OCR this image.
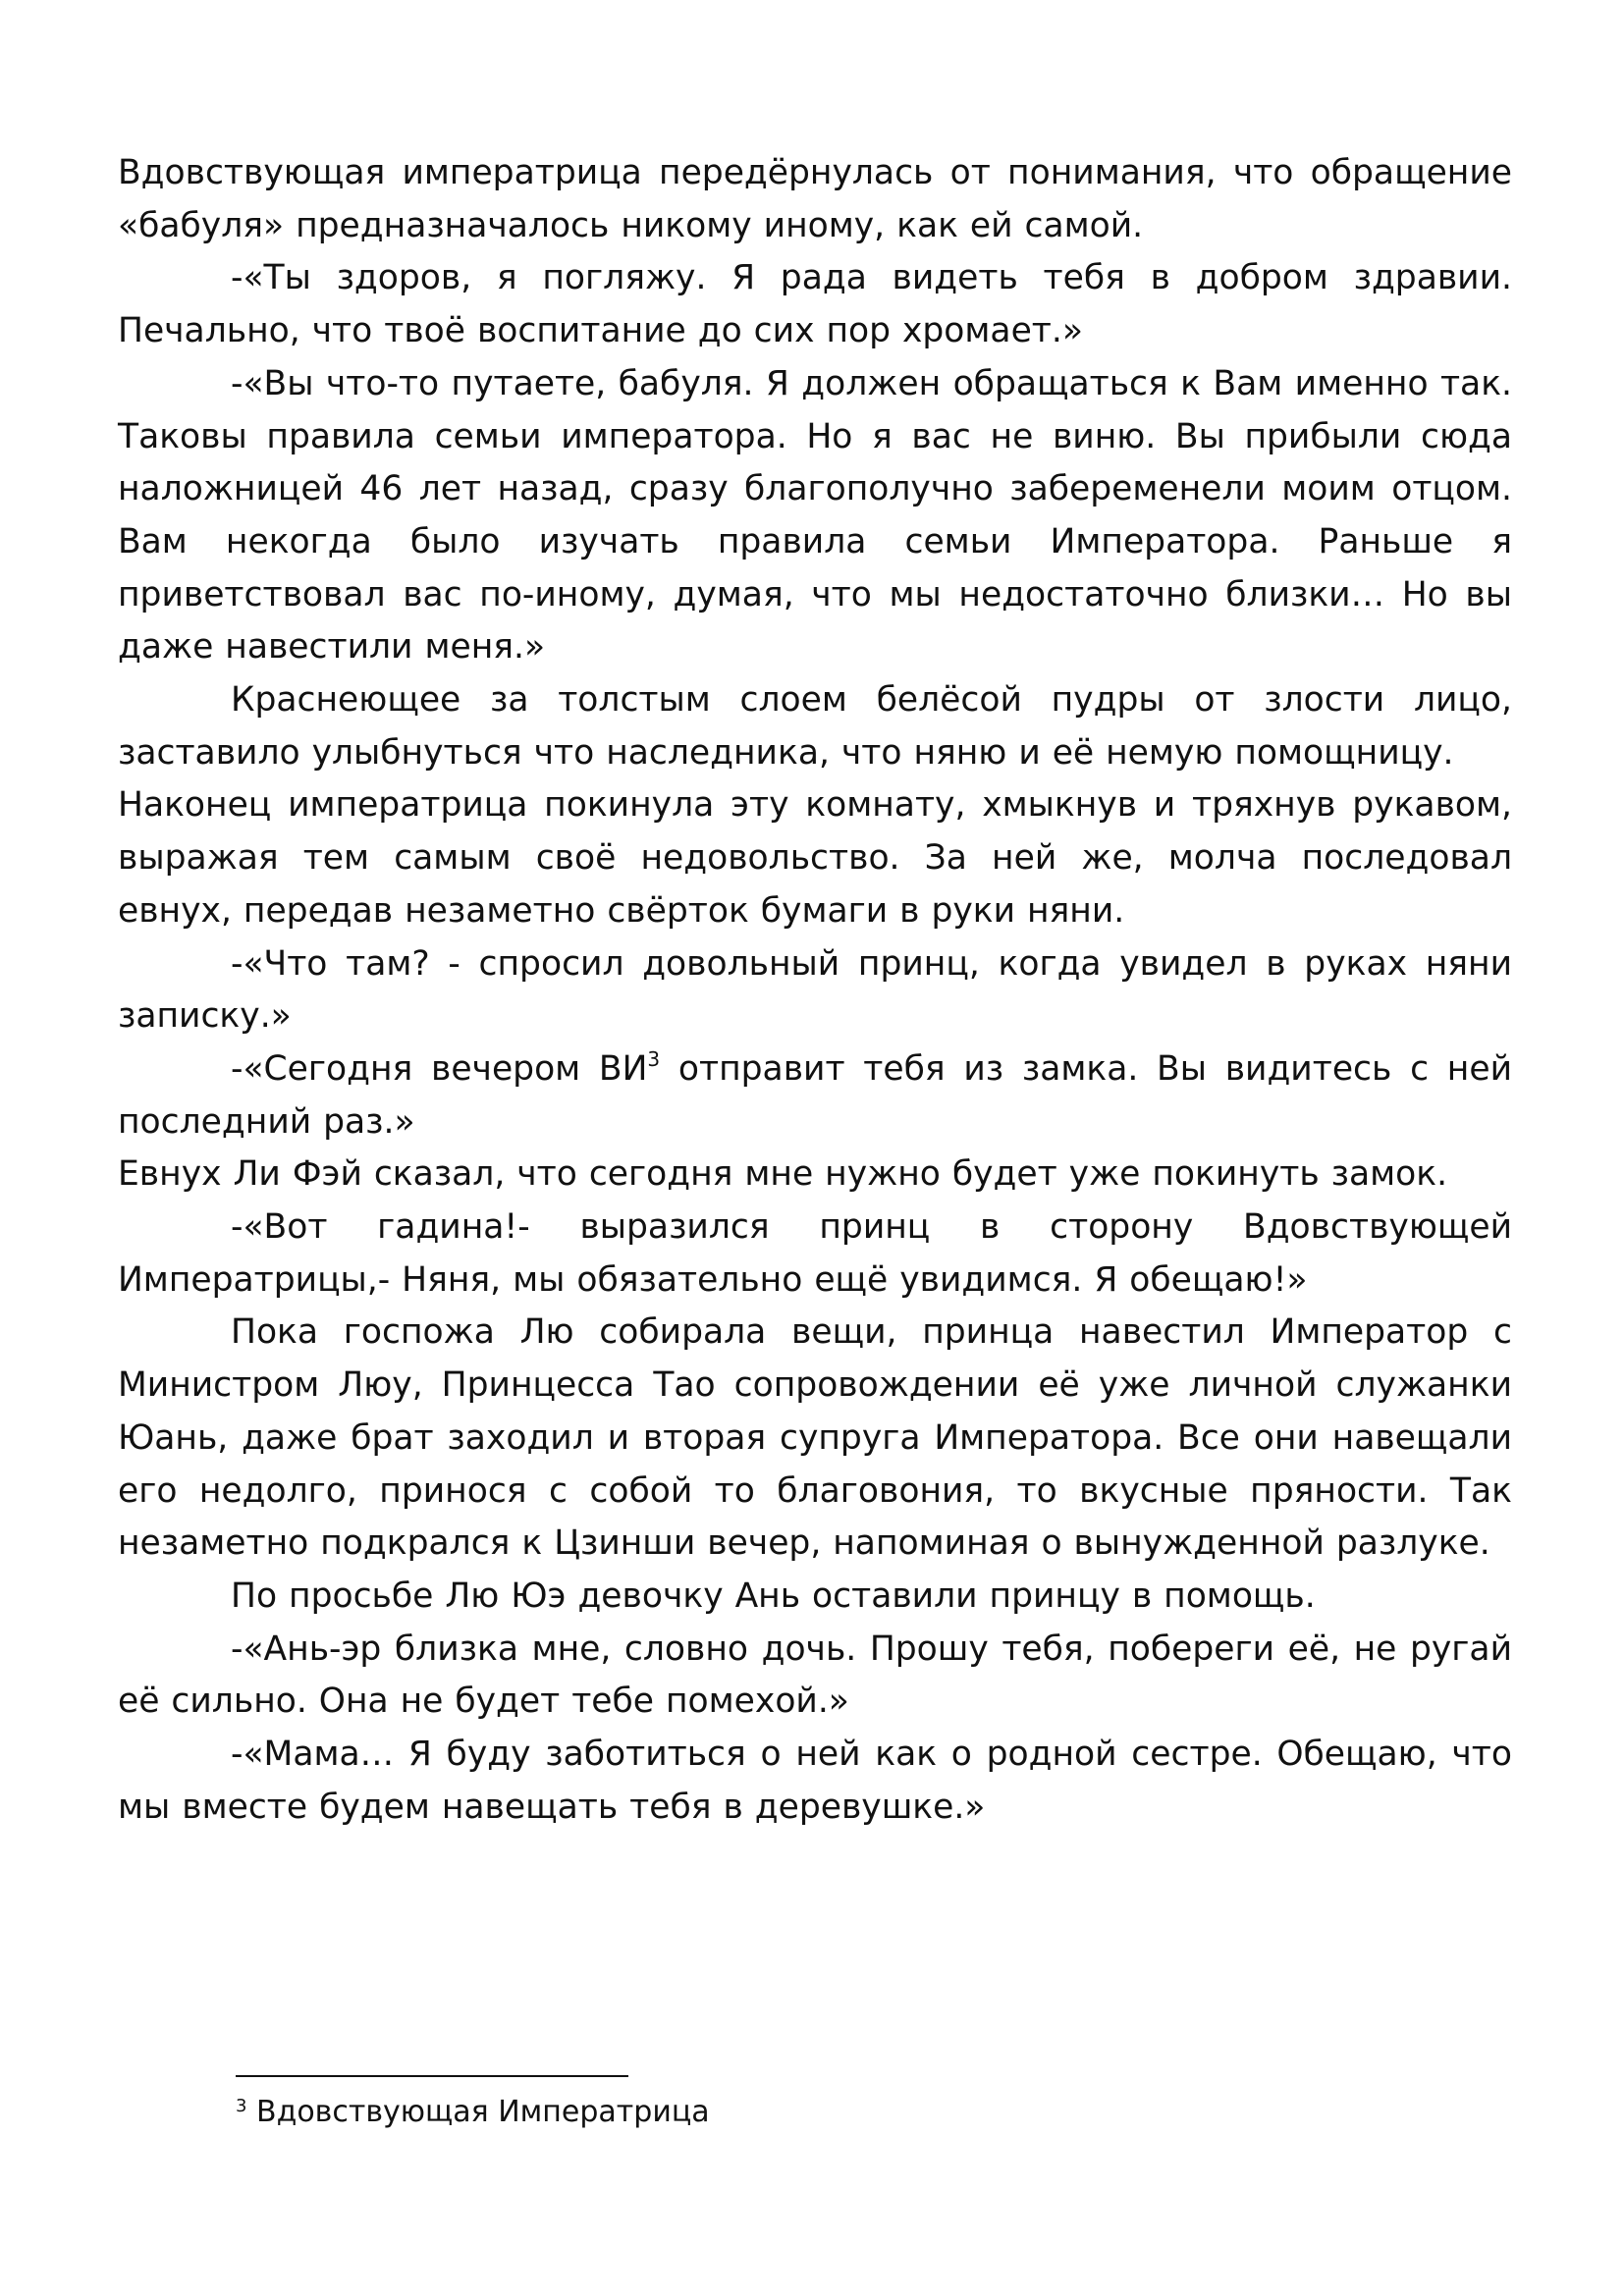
Вдовствующая императрица передёрнулась от понимания, что обращение «бабуля» предназначалось никому иному, как ей самой.

-«Ты здоров, я погляжу. Я рада видеть тебя в добром здравии. Печально, что твоё воспитание до сих пор хромает.»

-«Вы что-то путаете, бабуля. Я должен обращаться к Вам именно так. Таковы правила семьи императора. Но я вас не виню. Вы прибыли сюда наложницей 46 лет назад, сразу благополучно забеременели моим отцом. Вам некогда было изучать правила семьи Императора. Раньше я приветствовал вас по-иному, думая, что мы недостаточно близки… Но вы даже навестили меня.»

Краснеющее за толстым слоем белёсой пудры от злости лицо, заставило улыбнуться что наследника, что няню и её немую помощницу.

Наконец императрица покинула эту комнату, хмыкнув и тряхнув рукавом, выражая тем самым своё недовольство. За ней же, молча последовал евнух, передав незаметно свёрток бумаги в руки няни.

-«Что там? - спросил довольный принц, когда увидел в руках няни записку.»

-«Сегодня вечером $ВИ^3$ отправит тебя из замка. Вы видитесь с ней последний раз.»

Евнух Ли Фэй сказал, что сегодня мне нужно будет уже покинуть замок.

-«Вот гадина!- выразился принц в сторону Вдовствующей Императрицы,- Няня, мы обязательно ещё увидимся. Я обещаю!»

Пока госпожа Лю собирала вещи, принца навестил Император с Министром Люу, Принцесса Тао сопровождении её уже личной служанки Юань, даже брат заходил и вторая супруга Императора. Все они навещали его недолго, принося с собой то благовония, то вкусные пряности. Так незаметно подкрался к Цзинши вечер, напоминая о вынужденной разлуке.

По просьбе Лю Юэ девочку Ань оставили принцу в помощь.

-«Ань-эр близка мне, словно дочь. Прошу тебя, побереги её, не ругай её сильно. Она не будет тебе помехой.»

-«Мама… Я буду заботиться о ней как о родной сестре. Обещаю, что мы вместе будем навещать тебя в деревушке.»

$^3$ Вдовствующая Императрица
